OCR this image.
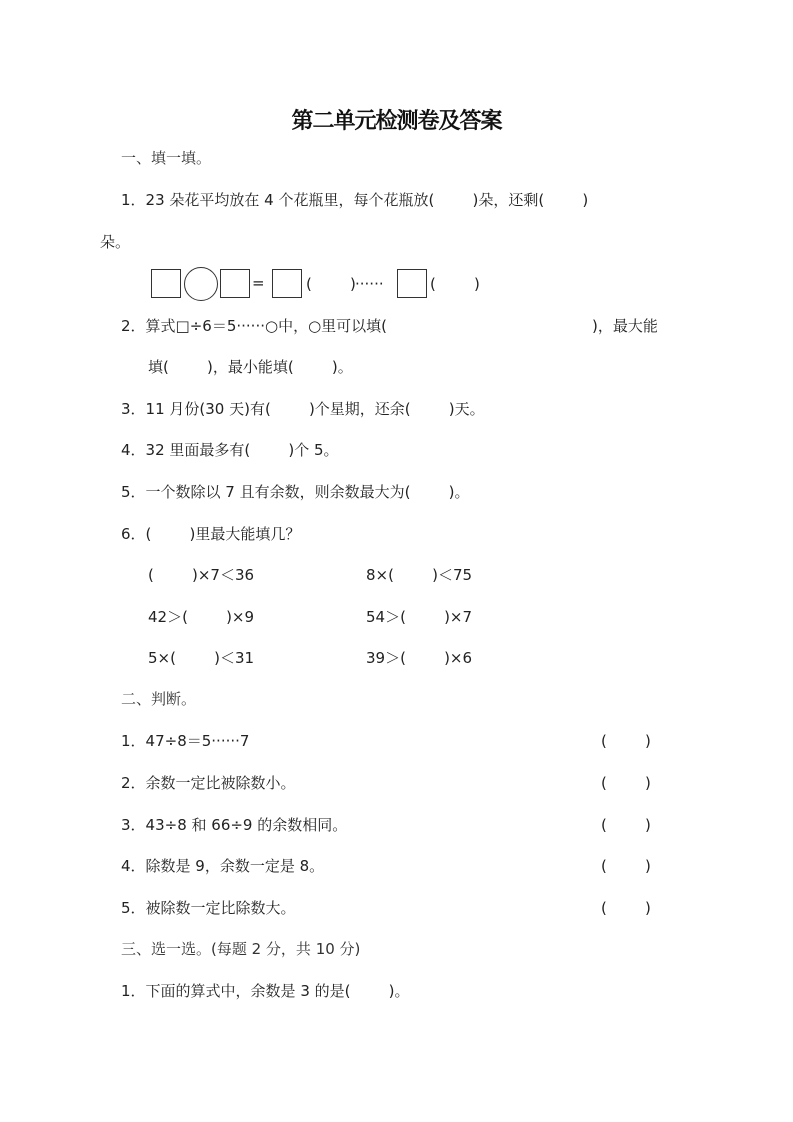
第二单元检测卷及答案
一、填一填。
1．23 朵花平均放在 4 个花瓶里，每个花瓶放(        )朵，还剩(        )
朵。
=	(        ) ······	(        )
2．算式□÷6＝5······○中，○里可以填(	)，最大能
填(        )，最小能填(        )。
3．11 月份(30 天)有(        )个星期，还余(        )天。
4．32 里面最多有(        )个 5。
5．一个数除以 7 且有余数，则余数最大为(        )。
6．(        )里最大能填几？
(        )×7＜36	8×(        )＜75
42＞(        )×9	54＞(        )×7
5×(        )＜31	39＞(        )×6
二、判断。
1．47÷8＝5······7	(        )
2．余数一定比被除数小。	(        )
3．43÷8 和 66÷9 的余数相同。	(        )
4．除数是 9，余数一定是 8。	(        )
5．被除数一定比除数大。	(        )
三、选一选。(每题 2 分，共 10 分)
1．下面的算式中，余数是 3 的是(        )。
